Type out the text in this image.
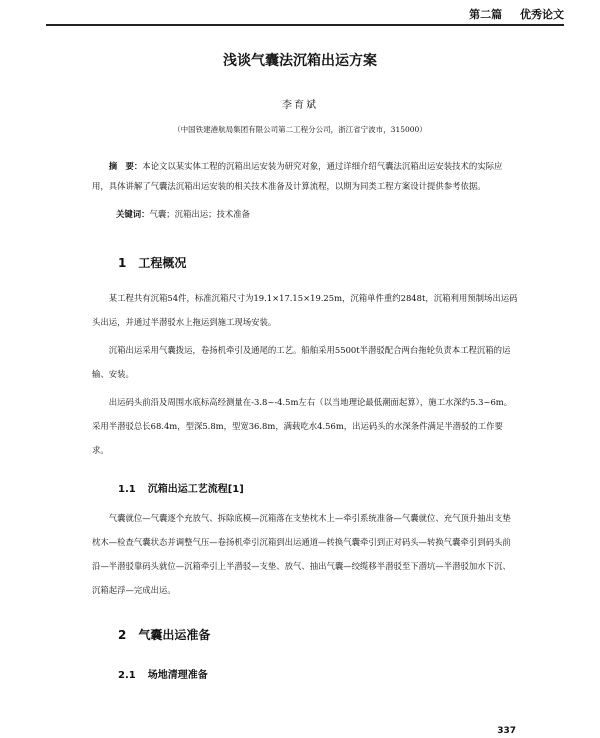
第二篇 优秀论文
浅谈气囊法沉箱出运方案
李育斌
（中国铁建港航局集团有限公司第二工程分公司，浙江省宁波市，315000）

摘　要：本论文以某实体工程的沉箱出运安装为研究对象，通过详细介绍气囊法沉箱出运安装技术的实际应用，具体讲解了气囊法沉箱出运安装的相关技术准备及计算流程，以期为同类工程方案设计提供参考依据。

关键词：气囊；沉箱出运；技术准备

1 工程概况

某工程共有沉箱54件，标准沉箱尺寸为19.1×17.15×19.25m，沉箱单件重约2848t，沉箱利用预制场出运码头出运，并通过半潜驳水上拖运到施工现场安装。

沉箱出运采用气囊拨运，卷扬机牵引及通尾的工艺。船舶采用5500t半潜驳配合两台拖轮负责本工程沉箱的运输、安装。

出运码头前沿及周围水底标高经测量在-3.8~-4.5m左右（以当地理论最低潮面起算），施工水深约5.3~6m。采用半潜驳总长68.4m，型深5.8m，型宽36.8m，满载吃水4.56m，出运码头的水深条件满足半潜驳的工作要求。

1.1 沉箱出运工艺流程[1]

气囊就位—气囊逐个充放气、拆除底模—沉箱落在支垫枕木上—牵引系统准备—气囊就位、充气顶升抽出支垫枕木—检查气囊状态并调整气压—卷扬机牵引沉箱到出运通道—转换气囊牵引到正对码头—转换气囊牵引到码头前沿—半潜驳靠码头就位—沉箱牵引上半潜驳—支垫、放气、抽出气囊—绞缆移半潜驳至下潜坑—半潜驳加水下沉、沉箱起浮—完成出运。

2 气囊出运准备
2.1 场地清理准备
337
